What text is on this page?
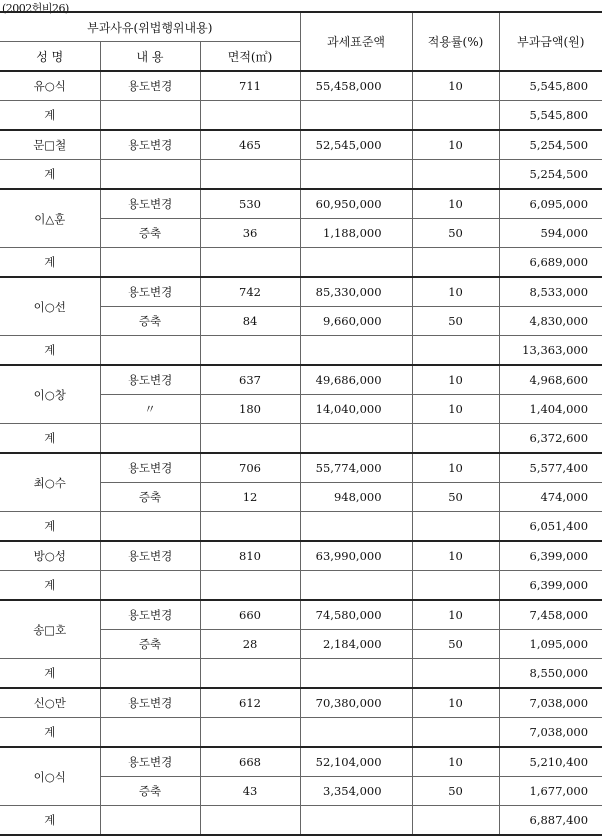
(2002헌비26)
부과사유(위법행위내용)			과세표준액	적용률(%)	부과금액(원)
성 명	내 용	면적(㎡)			
유○식	용도변경	711	55,458,000	10	5,545,800
계					5,545,800
문□철	용도변경	465	52,545,000	10	5,254,500
계					5,254,500
이△훈	용도변경	530	60,950,000	10	6,095,000
	증축	36	1,188,000	50	594,000
계					6,689,000
이○선	용도변경	742	85,330,000	10	8,533,000
	증축	84	9,660,000	50	4,830,000
계					13,363,000
이○창	용도변경	637	49,686,000	10	4,968,600
	〃	180	14,040,000	10	1,404,000
계					6,372,600
최○수	용도변경	706	55,774,000	10	5,577,400
	증축	12	948,000	50	474,000
계					6,051,400
방○성	용도변경	810	63,990,000	10	6,399,000
계					6,399,000
송□호	용도변경	660	74,580,000	10	7,458,000
	증축	28	2,184,000	50	1,095,000
계					8,550,000
신○만	용도변경	612	70,380,000	10	7,038,000
계					7,038,000
이○식	용도변경	668	52,104,000	10	5,210,400
	증축	43	3,354,000	50	1,677,000
계					6,887,400
